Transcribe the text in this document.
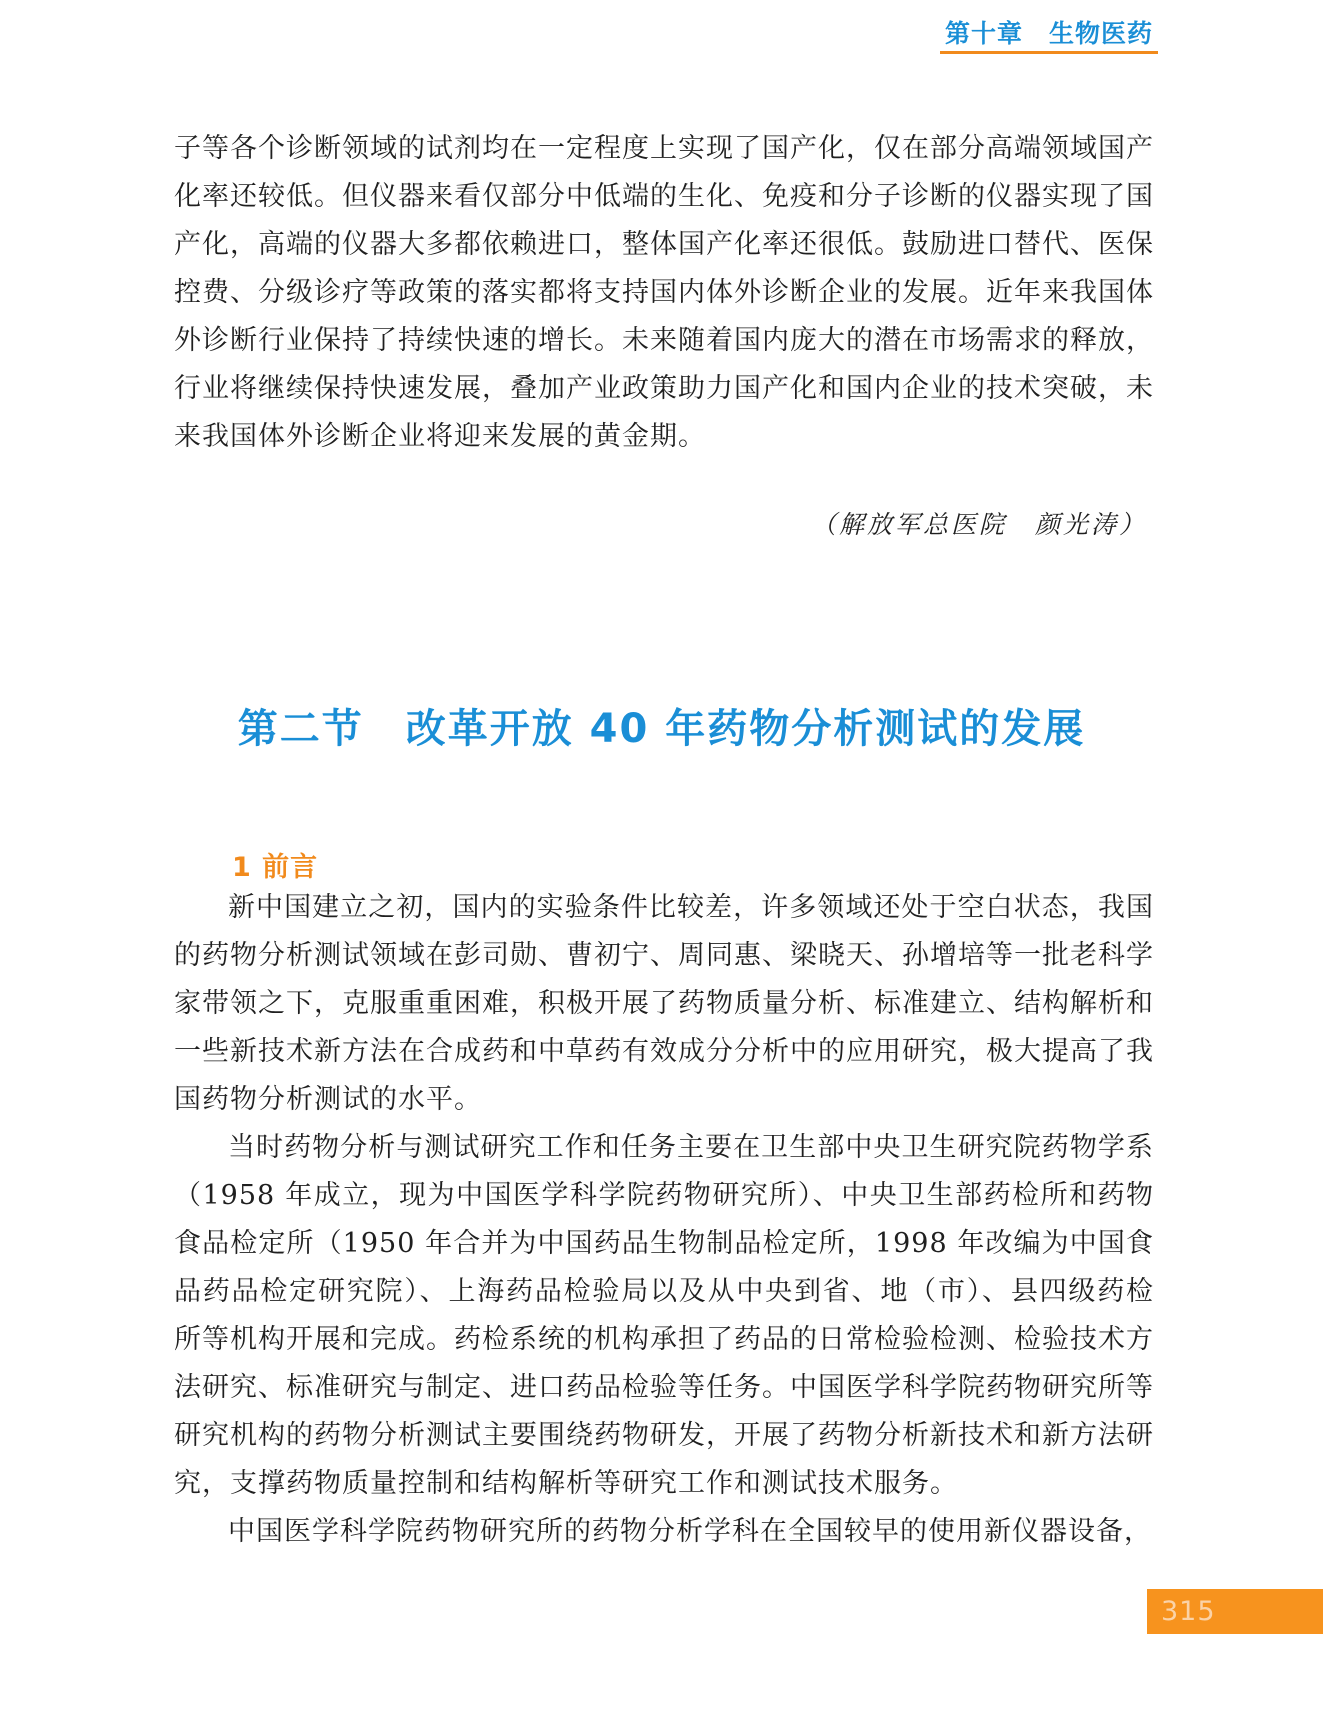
第十章 生物医药

子等各个诊断领域的试剂均在一定程度上实现了国产化，仅在部分高端领域国产化率还较低。但仪器来看仅部分中低端的生化、免疫和分子诊断的仪器实现了国产化，高端的仪器大多都依赖进口，整体国产化率还很低。鼓励进口替代、医保控费、分级诊疗等政策的落实都将支持国内体外诊断企业的发展。近年来我国体外诊断行业保持了持续快速的增长。未来随着国内庞大的潜在市场需求的释放，行业将继续保持快速发展，叠加产业政策助力国产化和国内企业的技术突破，未来我国体外诊断企业将迎来发展的黄金期。

（解放军总医院　颜光涛）
第二节　改革开放 40 年药物分析测试的发展
1 前言

新中国建立之初，国内的实验条件比较差，许多领域还处于空白状态，我国的药物分析测试领域在彭司勋、曹初宁、周同惠、梁晓天、孙增培等一批老科学家带领之下，克服重重困难，积极开展了药物质量分析、标准建立、结构解析和一些新技术新方法在合成药和中草药有效成分分析中的应用研究，极大提高了我国药物分析测试的水平。

当时药物分析与测试研究工作和任务主要在卫生部中央卫生研究院药物学系（1958 年成立，现为中国医学科学院药物研究所）、中央卫生部药检所和药物食品检定所（1950 年合并为中国药品生物制品检定所，1998 年改编为中国食品药品检定研究院）、上海药品检验局以及从中央到省、地（市）、县四级药检所等机构开展和完成。药检系统的机构承担了药品的日常检验检测、检验技术方法研究、标准研究与制定、进口药品检验等任务。中国医学科学院药物研究所等研究机构的药物分析测试主要围绕药物研发，开展了药物分析新技术和新方法研究，支撑药物质量控制和结构解析等研究工作和测试技术服务。

中国医学科学院药物研究所的药物分析学科在全国较早的使用新仪器设备，

315
